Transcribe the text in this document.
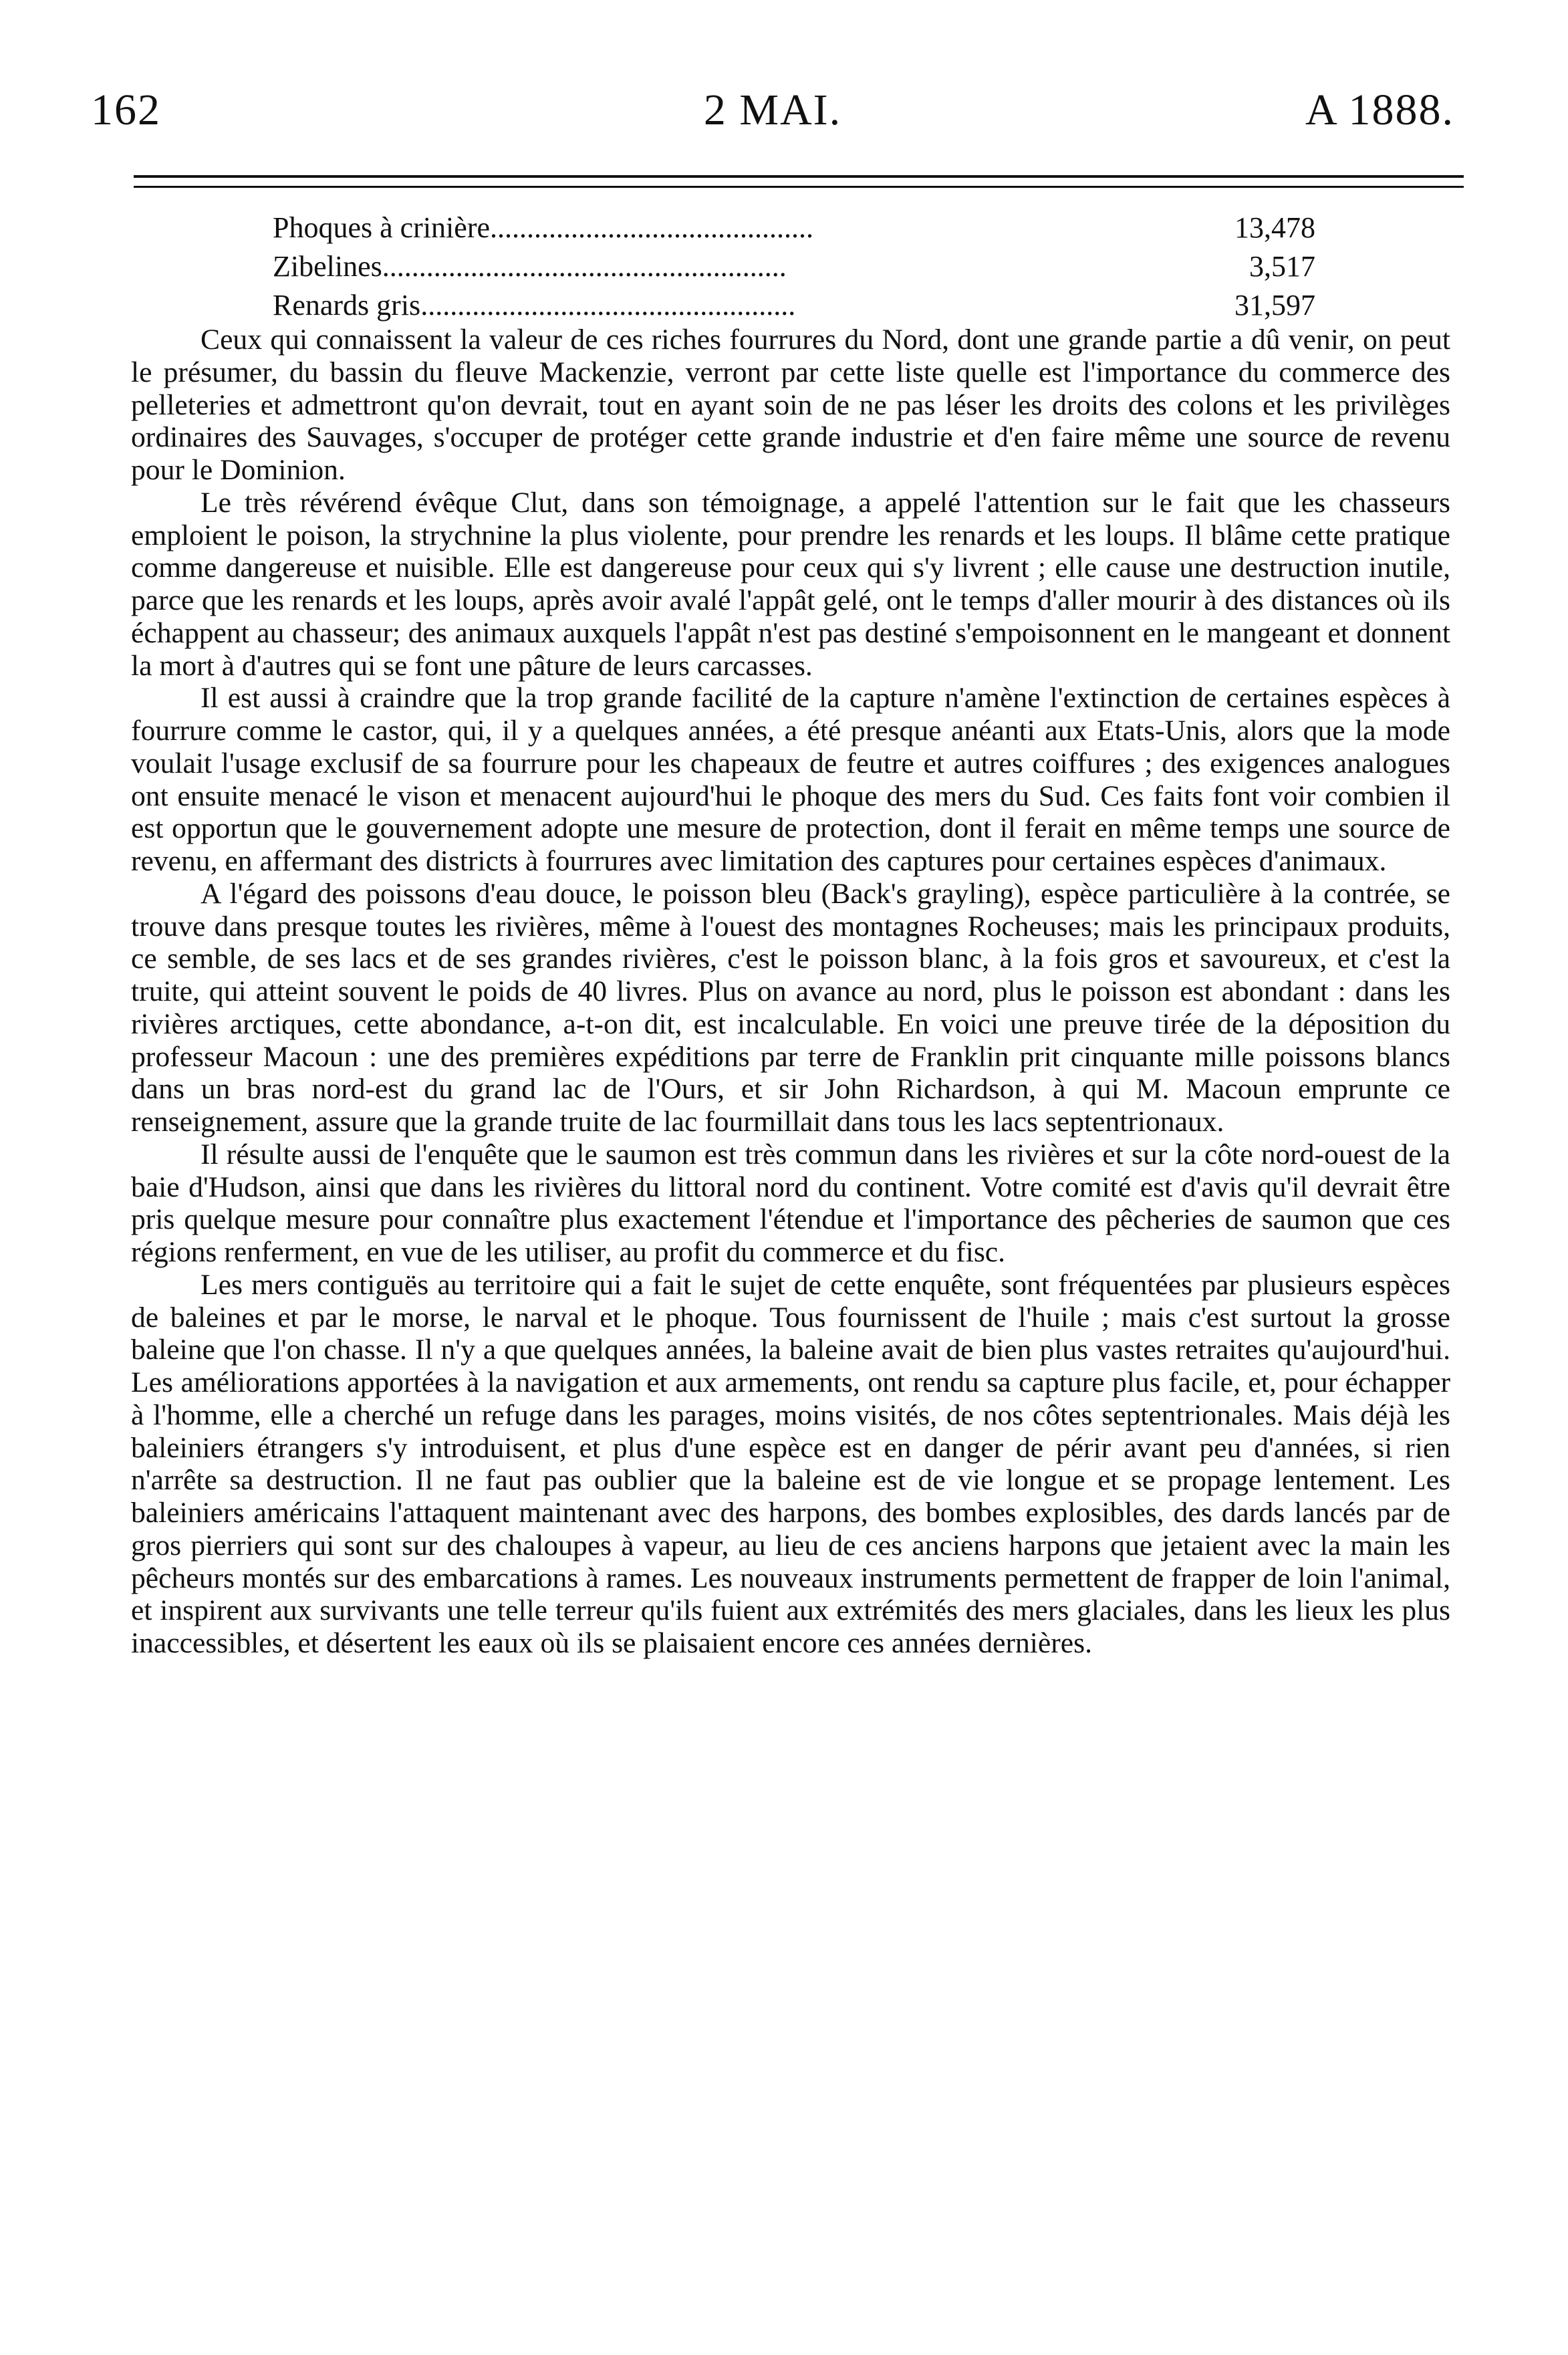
162	2 MAI.	A 1888.
Phoques à crinière............................................	13,478
Zibelines.......................................................	3,517
Renards gris...................................................	31,597

Ceux qui connaissent la valeur de ces riches fourrures du Nord, dont une grande partie a dû venir, on peut le présumer, du bassin du fleuve Mackenzie, verront par cette liste quelle est l'importance du commerce des pelleteries et admettront qu'on devrait, tout en ayant soin de ne pas léser les droits des colons et les privilèges ordinaires des Sauvages, s'occuper de protéger cette grande industrie et d'en faire même une source de revenu pour le Dominion.

Le très révérend évêque Clut, dans son témoignage, a appelé l'attention sur le fait que les chasseurs emploient le poison, la strychnine la plus violente, pour prendre les renards et les loups. Il blâme cette pratique comme dangereuse et nuisible. Elle est dangereuse pour ceux qui s'y livrent ; elle cause une destruction inutile, parce que les renards et les loups, après avoir avalé l'appât gelé, ont le temps d'aller mourir à des distances où ils échappent au chasseur; des animaux auxquels l'appât n'est pas destiné s'empoisonnent en le mangeant et donnent la mort à d'autres qui se font une pâture de leurs carcasses.

Il est aussi à craindre que la trop grande facilité de la capture n'amène l'extinction de certaines espèces à fourrure comme le castor, qui, il y a quelques années, a été presque anéanti aux Etats-Unis, alors que la mode voulait l'usage exclusif de sa fourrure pour les chapeaux de feutre et autres coiffures ; des exigences analogues ont ensuite menacé le vison et menacent aujourd'hui le phoque des mers du Sud. Ces faits font voir combien il est opportun que le gouvernement adopte une mesure de protection, dont il ferait en même temps une source de revenu, en affermant des districts à fourrures avec limitation des captures pour certaines espèces d'animaux.

A l'égard des poissons d'eau douce, le poisson bleu (Back's grayling), espèce particulière à la contrée, se trouve dans presque toutes les rivières, même à l'ouest des montagnes Rocheuses; mais les principaux produits, ce semble, de ses lacs et de ses grandes rivières, c'est le poisson blanc, à la fois gros et savoureux, et c'est la truite, qui atteint souvent le poids de 40 livres. Plus on avance au nord, plus le poisson est abondant : dans les rivières arctiques, cette abondance, a-t-on dit, est incalculable. En voici une preuve tirée de la déposition du professeur Macoun : une des premières expéditions par terre de Franklin prit cinquante mille poissons blancs dans un bras nord-est du grand lac de l'Ours, et sir John Richardson, à qui M. Macoun emprunte ce renseignement, assure que la grande truite de lac fourmillait dans tous les lacs septentrionaux.

Il résulte aussi de l'enquête que le saumon est très commun dans les rivières et sur la côte nord-ouest de la baie d'Hudson, ainsi que dans les rivières du littoral nord du continent. Votre comité est d'avis qu'il devrait être pris quelque mesure pour connaître plus exactement l'étendue et l'importance des pêcheries de saumon que ces régions renferment, en vue de les utiliser, au profit du commerce et du fisc.

Les mers contiguës au territoire qui a fait le sujet de cette enquête, sont fréquentées par plusieurs espèces de baleines et par le morse, le narval et le phoque. Tous fournissent de l'huile ; mais c'est surtout la grosse baleine que l'on chasse. Il n'y a que quelques années, la baleine avait de bien plus vastes retraites qu'aujourd'hui. Les améliorations apportées à la navigation et aux armements, ont rendu sa capture plus facile, et, pour échapper à l'homme, elle a cherché un refuge dans les parages, moins visités, de nos côtes septentrionales. Mais déjà les baleiniers étrangers s'y introduisent, et plus d'une espèce est en danger de périr avant peu d'années, si rien n'arrête sa destruction. Il ne faut pas oublier que la baleine est de vie longue et se propage lentement. Les baleiniers américains l'attaquent maintenant avec des harpons, des bombes explosibles, des dards lancés par de gros pierriers qui sont sur des chaloupes à vapeur, au lieu de ces anciens harpons que jetaient avec la main les pêcheurs montés sur des embarcations à rames. Les nouveaux instruments permettent de frapper de loin l'animal, et inspirent aux survivants une telle terreur qu'ils fuient aux extrémités des mers glaciales, dans les lieux les plus inaccessibles, et désertent les eaux où ils se plaisaient encore ces années dernières.
